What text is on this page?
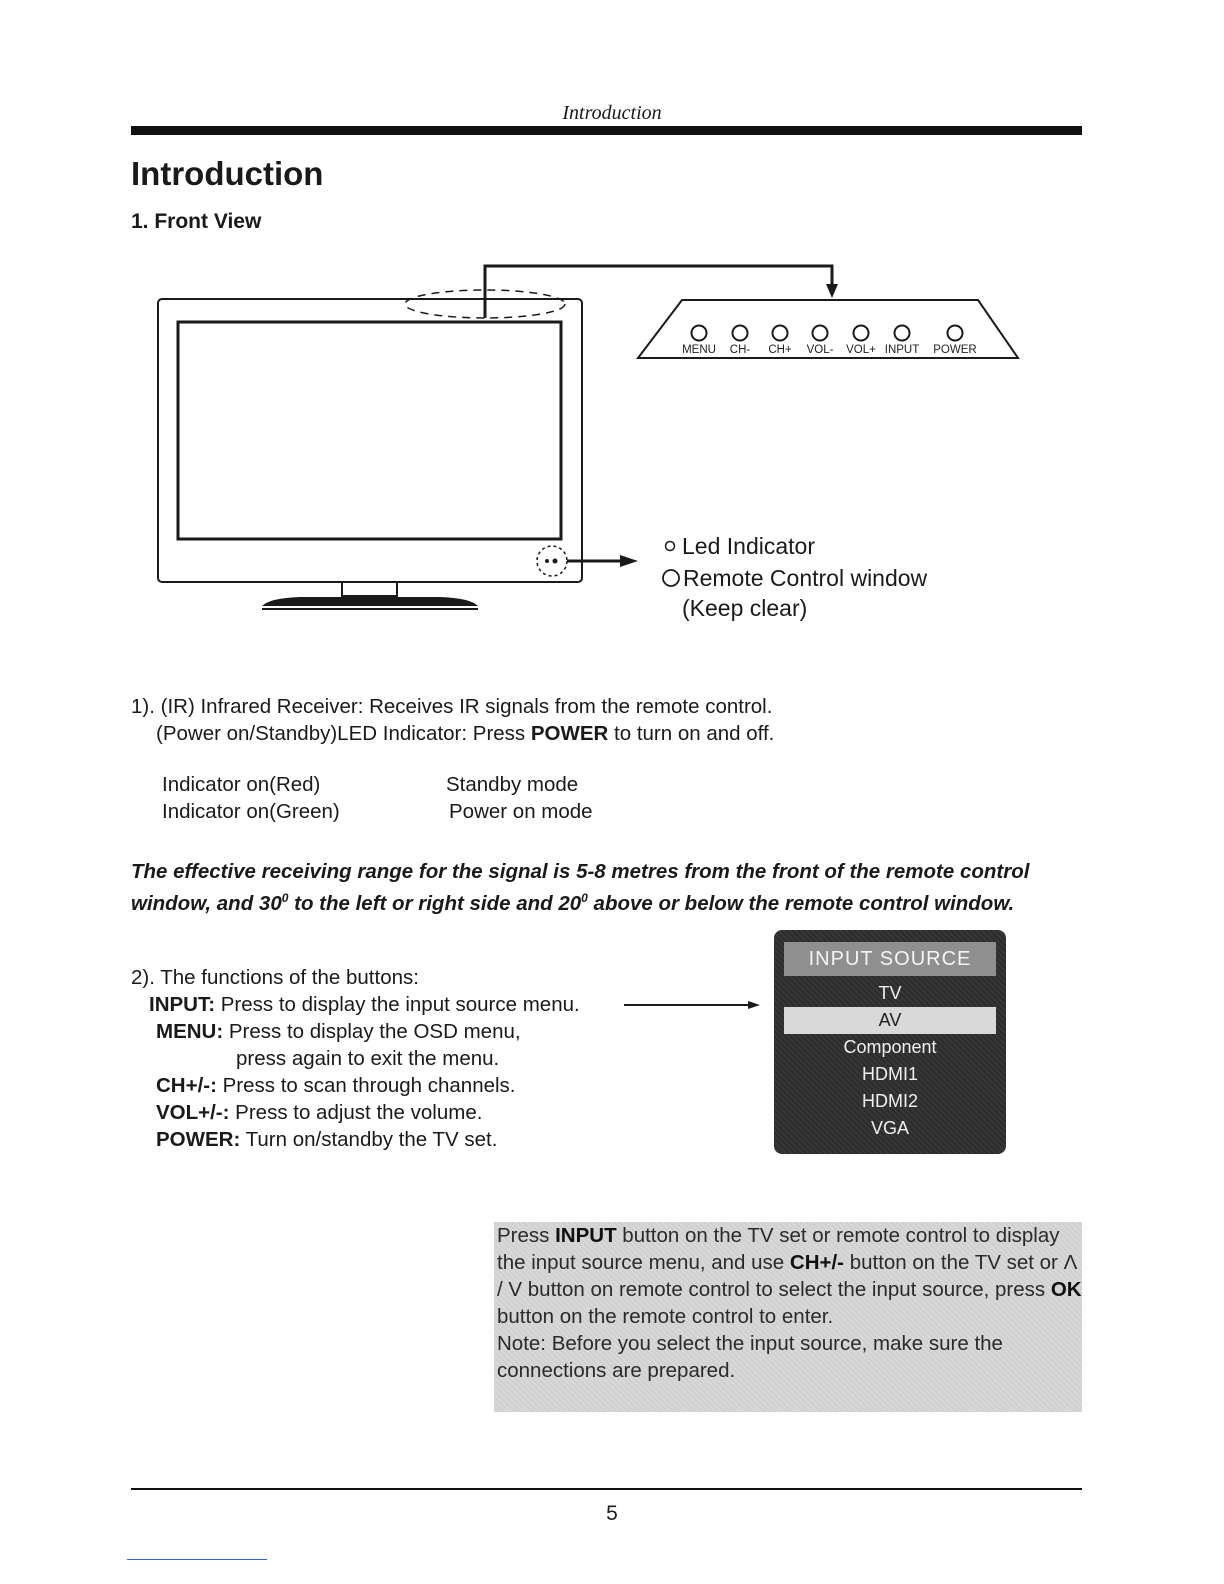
Introduction
Introduction
1. Front View
MENU CH- CH+ VOL- VOL+ INPUT POWER
Led Indicator
Remote Control window
(Keep clear)
1). (IR) Infrared Receiver: Receives IR signals from the remote control.
(Power on/Standby)LED Indicator: Press POWER to turn on and off.
Indicator on(Red)	Standby mode
Indicator on(Green)	Power on mode
The effective receiving range for the signal is 5-8 metres from the front of the remote control window, and $30^0$ to the left or right side and $20^0$ above or below the remote control window.
2). The functions of the buttons:
INPUT: Press to display the input source menu.
MENU: Press to display the OSD menu,
press again to exit the menu.
CH+/-: Press to scan through channels.
VOL+/-: Press to adjust the volume.
POWER: Turn on/standby the TV set.
INPUT SOURCE
TV
AV
Component
HDMI1
HDMI2
VGA
Press INPUT button on the TV set or remote control to display the input source menu, and use CH+/- button on the TV set or Λ / V button on remote control to select the input source, press OK button on the remote control to enter.
Note: Before you select the input source, make sure the connections are prepared.
5
